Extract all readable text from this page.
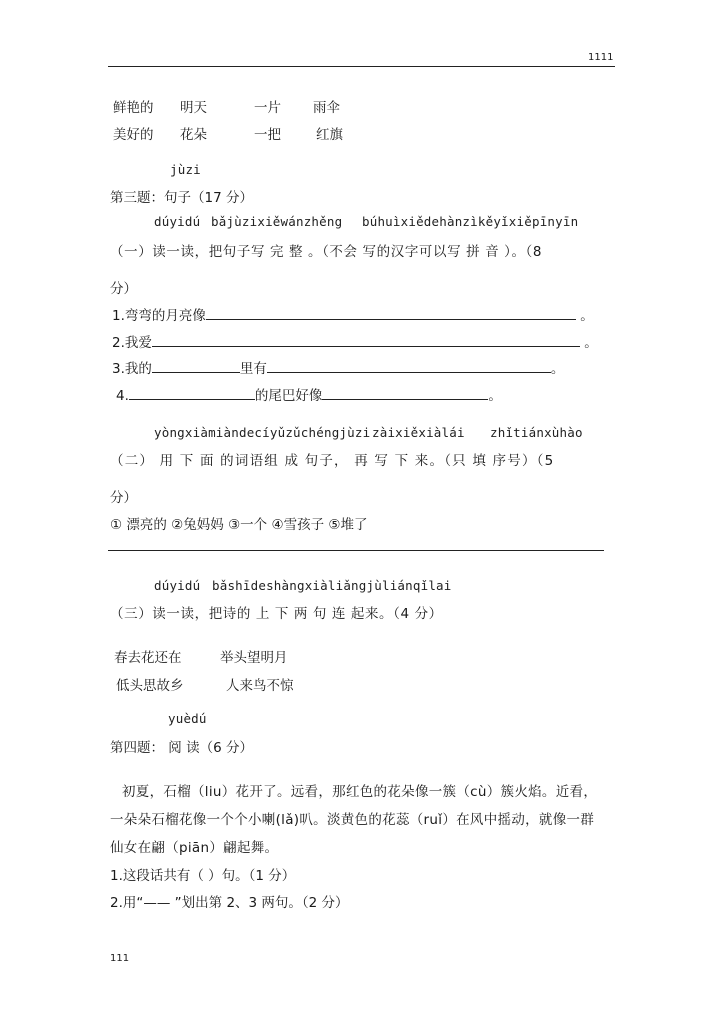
1111
鲜艳的 明天	一片 雨伞
美好的 花朵	一把	红旗
jùzi
第三题：句子（17 分）
dúyidú bǎjùzixiěwánzhěng búhuìxiědehànzìkěyǐxiěpīnyīn
（一）读一读，把句子写 完 整 。（不会 写的汉字可以写 拼 音 ）。（8
分）
1.弯弯的月亮像	。
2.我爱	。
3.我的	里有	。
4.	的尾巴好像	。
yòngxiàmiàndecíyǔzǔchéngjùzi zàixiěxiàlái zhǐtiánxùhào
（二） 用 下 面 的词语组 成 句子， 再 写 下 来。（只 填 序号）（5
分）
① 漂亮的 ②兔妈妈 ③一个 ④雪孩子 ⑤堆了
dúyidú bǎshīdeshàngxiàliǎngjùliánqǐlai
（三）读一读，把诗的 上 下 两 句 连 起来。（4 分）
春去花还在	举头望明月
低头思故乡	人来鸟不惊
yuèdú
第四题： 阅 读（6 分）
初夏，石榴（liu）花开了。远看，那红色的花朵像一簇（cù）簇火焰。近看，
一朵朵石榴花像一个个小喇(lǎ)叭。淡黄色的花蕊（ruǐ）在风中摇动，就像一群
仙女在翩（piān）翩起舞。
1.这段话共有（ ）句。（1 分）
2.用“—— ”划出第 2、3 两句。（2 分）
111
